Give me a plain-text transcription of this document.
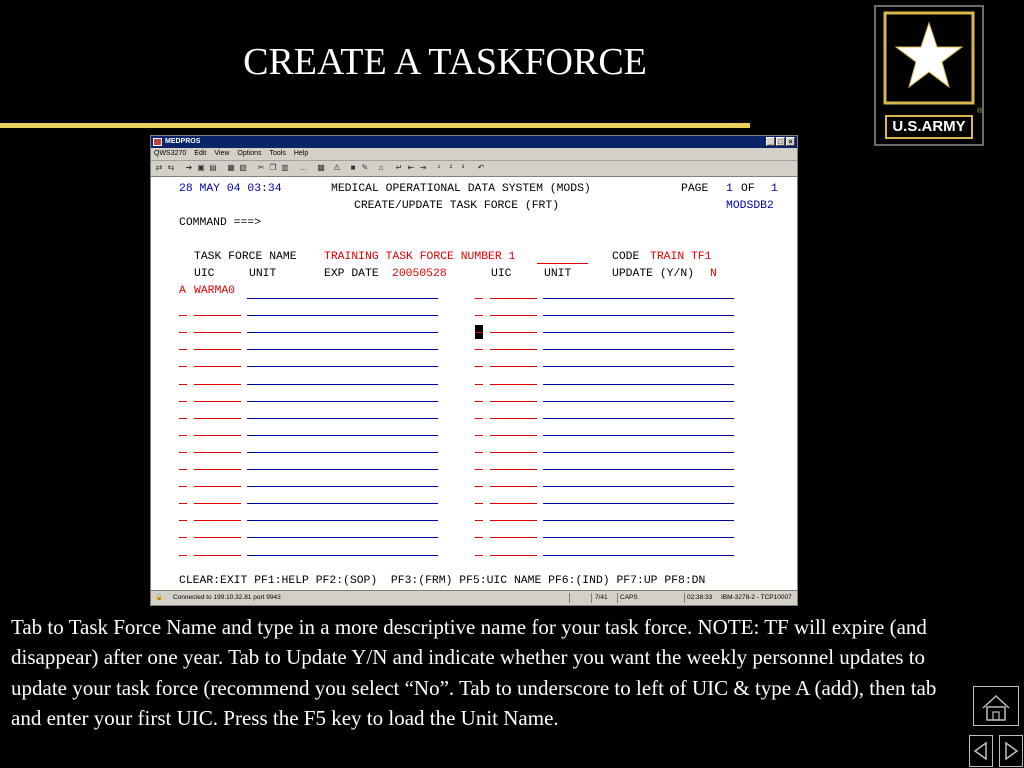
CREATE A TASKFORCE
U.S.ARMY
®
MEDPROS	_ □ ×
QWS3270 Edit View Options Tools Help
⇄ ⇆ ➔ ▣ ▤ ▦ ▧ ✂ ❐ ▥ … ▩ ⚠ ■ ✎ ⌂ ↵ ⇤ ⇥	¹	²	³	↶
28 MAY 04 03:34	MEDICAL OPERATIONAL DATA SYSTEM (MODS)	PAGE 1 OF 1
CREATE/UPDATE TASK FORCE (FRT)	MODSDB2
COMMAND ===>
TASK FORCE NAME TRAINING TASK FORCE NUMBER 1	CODE TRAIN TF1
UIC	UNIT	EXP DATE 20050528	UIC	UNIT	UPDATE (Y/N) N
A WARMA0
CLEAR:EXIT PF1:HELP PF2:(SOP)  PF3:(FRM) PF5:UIC NAME PF6:(IND) PF7:UP PF8:DN
🔒 Connected to 199.10.32.81 port 9943	7/41 CAPS	02:38:33 IBM-3278-2 - TCP10007
Tab to Task Force Name and type in a more descriptive name for your task force. NOTE: TF will expire (and disappear) after one year. Tab to Update Y/N and indicate whether you want the weekly personnel updates to update your task force (recommend you select “No”. Tab to underscore to left of UIC & type A (add), then tab and enter your first UIC. Press the F5 key to load the Unit Name.
